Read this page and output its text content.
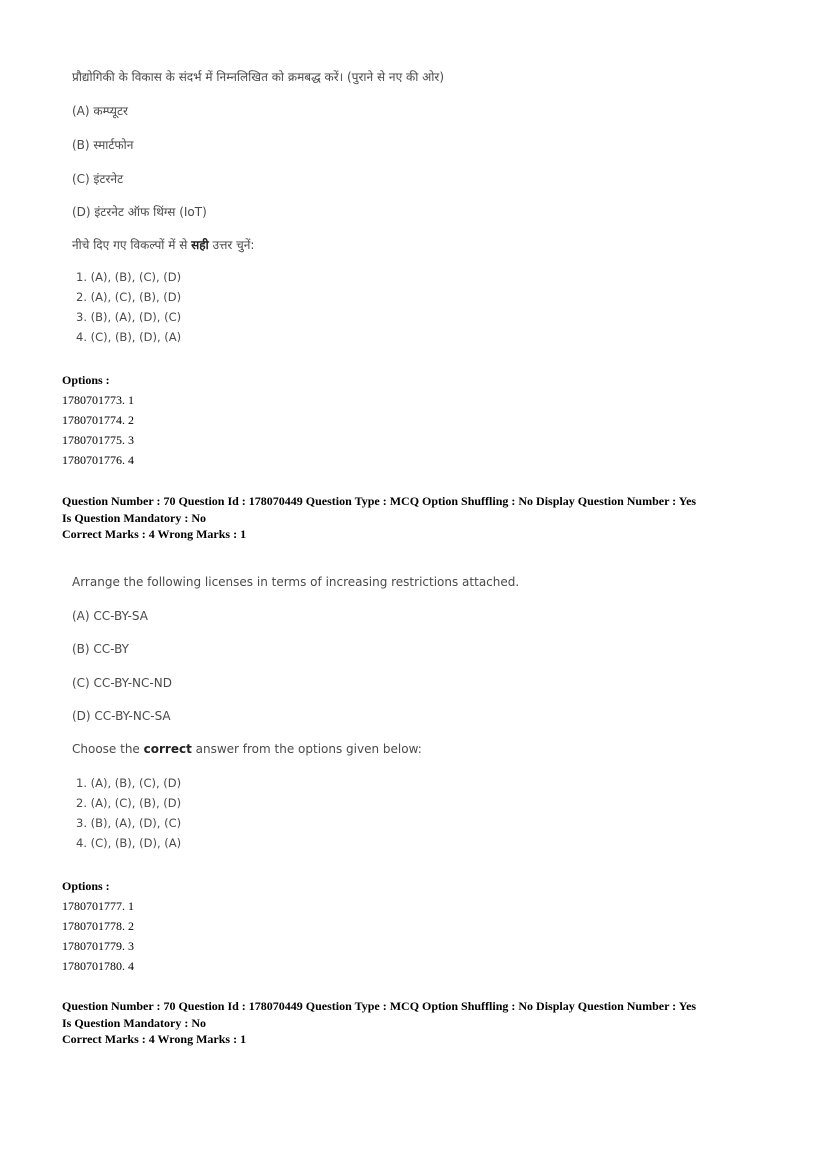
प्रौद्योगिकी के विकास के संदर्भ में निम्नलिखित को क्रमबद्ध करें। (पुराने से नए की ओर)
(A) कम्प्यूटर
(B) स्मार्टफोन
(C) इंटरनेट
(D) इंटरनेट ऑफ थिंग्स (IoT)
नीचे दिए गए विकल्पों में से सही उत्तर चुनें:
1. (A), (B), (C), (D)
2. (A), (C), (B), (D)
3. (B), (A), (D), (C)
4. (C), (B), (D), (A)
Options :
1780701773. 1
1780701774. 2
1780701775. 3
1780701776. 4
Question Number : 70 Question Id : 178070449 Question Type : MCQ Option Shuffling : No Display Question Number : Yes
Is Question Mandatory : No
Correct Marks : 4 Wrong Marks : 1
Arrange the following licenses in terms of increasing restrictions attached.
(A) CC-BY-SA
(B) CC-BY
(C) CC-BY-NC-ND
(D) CC-BY-NC-SA
Choose the correct answer from the options given below:
1. (A), (B), (C), (D)
2. (A), (C), (B), (D)
3. (B), (A), (D), (C)
4. (C), (B), (D), (A)
Options :
1780701777. 1
1780701778. 2
1780701779. 3
1780701780. 4
Question Number : 70 Question Id : 178070449 Question Type : MCQ Option Shuffling : No Display Question Number : Yes
Is Question Mandatory : No
Correct Marks : 4 Wrong Marks : 1
